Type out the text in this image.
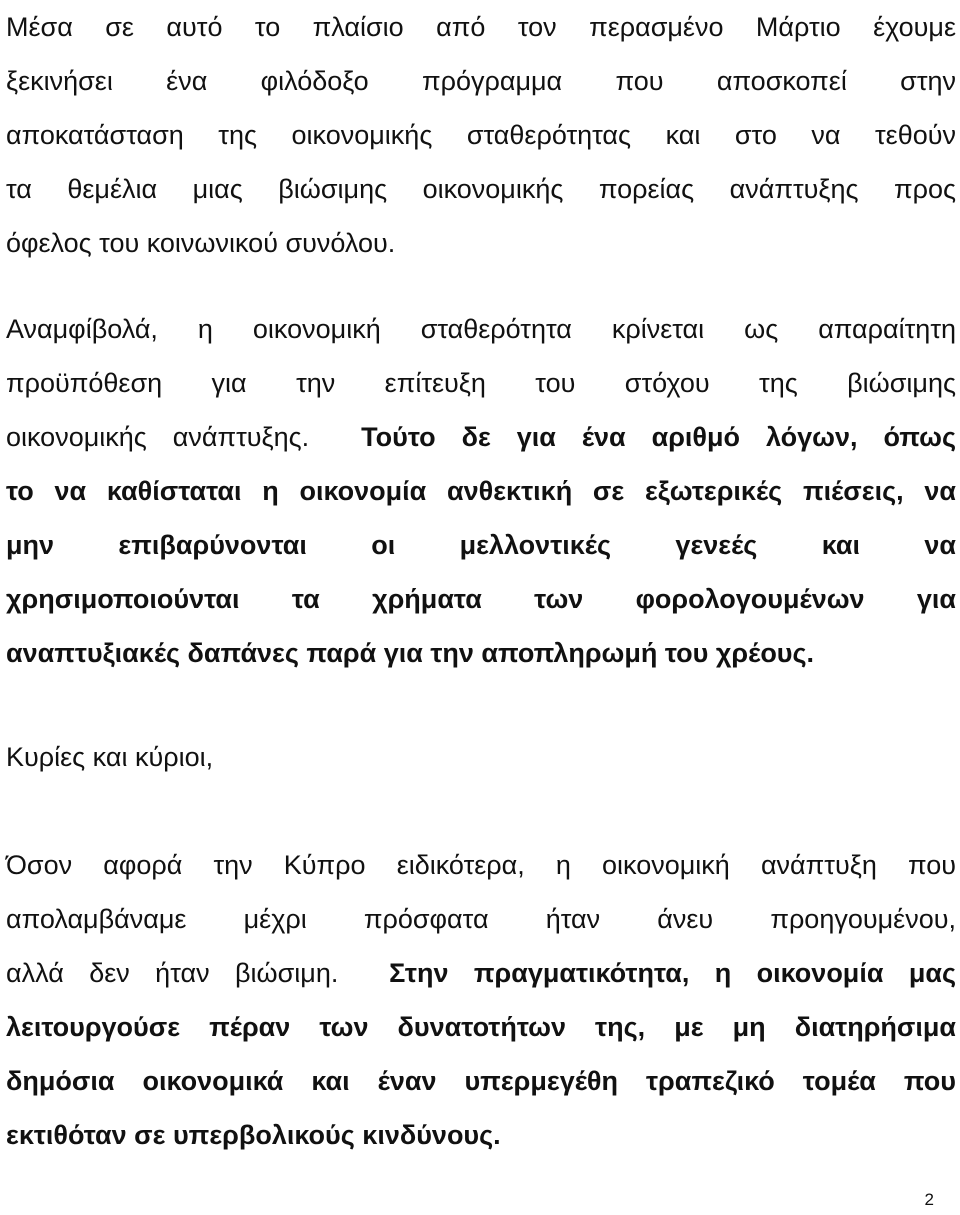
Μέσα σε αυτό το πλαίσιο από τον περασμένο Μάρτιο έχουμε
ξεκινήσει ένα φιλόδοξο πρόγραμμα που αποσκοπεί στην
αποκατάσταση της οικονομικής σταθερότητας και στο να τεθούν
τα θεμέλια μιας βιώσιμης οικονομικής πορείας ανάπτυξης προς
όφελος του κοινωνικού συνόλου.

Αναμφίβολά, η οικονομική σταθερότητα κρίνεται ως απαραίτητη
προϋπόθεση για την επίτευξη του στόχου της βιώσιμης
οικονομικής ανάπτυξης. Τούτο δε για ένα αριθμό λόγων, όπως
το να καθίσταται η οικονομία ανθεκτική σε εξωτερικές πιέσεις, να
μην επιβαρύνονται οι μελλοντικές γενεές και να
χρησιμοποιούνται τα χρήματα των φορολογουμένων για
αναπτυξιακές δαπάνες παρά για την αποπληρωμή του χρέους.

Κυρίες και κύριοι,

Όσον αφορά την Κύπρο ειδικότερα, η οικονομική ανάπτυξη που
απολαμβάναμε μέχρι πρόσφατα ήταν άνευ προηγουμένου,
αλλά δεν ήταν βιώσιμη. Στην πραγματικότητα, η οικονομία μας
λειτουργούσε πέραν των δυνατοτήτων της, με μη διατηρήσιμα
δημόσια οικονομικά και έναν υπερμεγέθη τραπεζικό τομέα που
εκτιθόταν σε υπερβολικούς κινδύνους.

2
